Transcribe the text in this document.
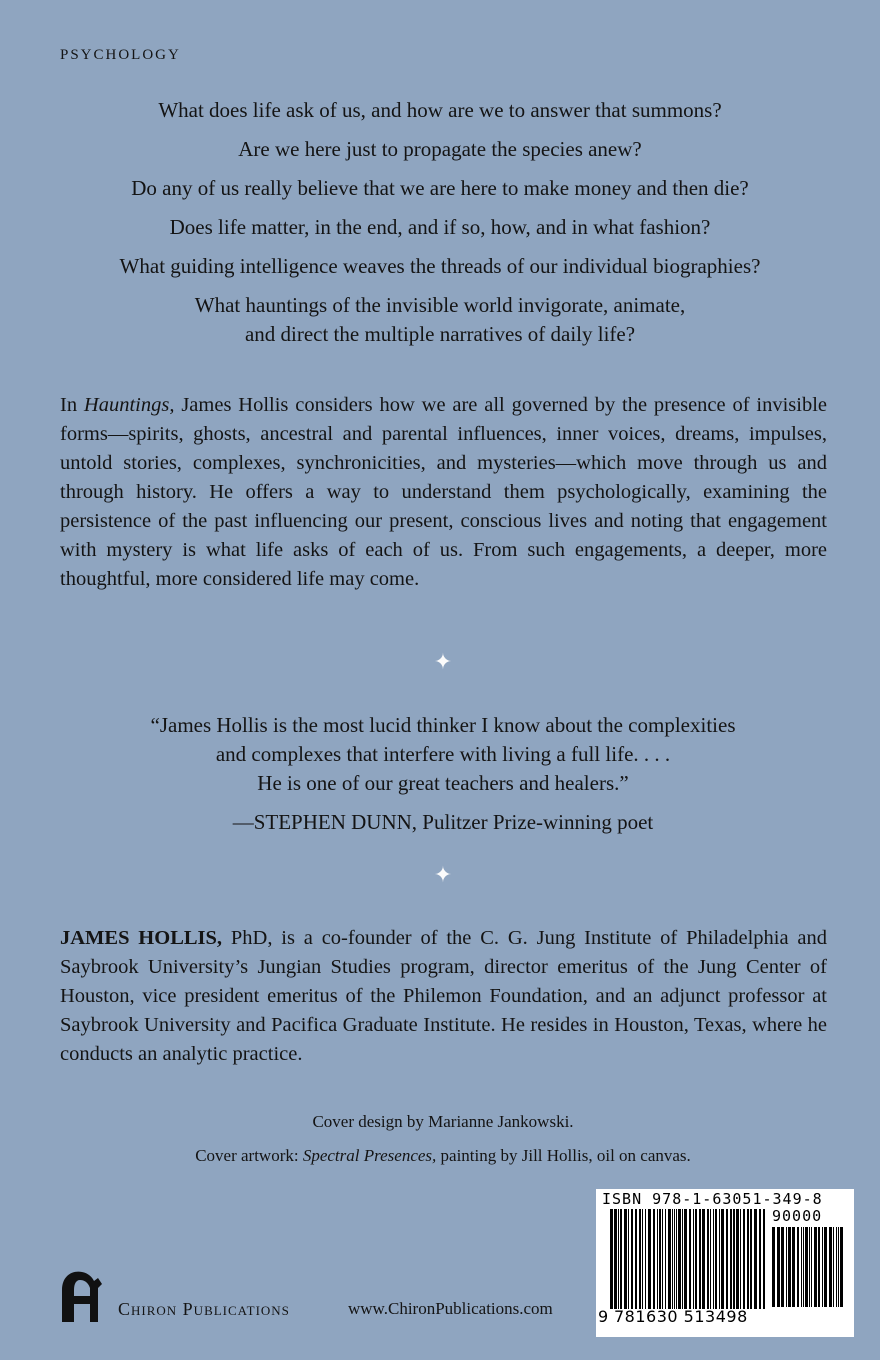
PSYCHOLOGY

What does life ask of us, and how are we to answer that summons?

Are we here just to propagate the species anew?

Do any of us really believe that we are here to make money and then die?

Does life matter, in the end, and if so, how, and in what fashion?

What guiding intelligence weaves the threads of our individual biographies?

What hauntings of the invisible world invigorate, animate,

and direct the multiple narratives of daily life?

In Hauntings, James Hollis considers how we are all governed by the presence of invisible forms—spirits, ghosts, ancestral and parental influences, inner voices, dreams, impulses, untold stories, complexes, synchronicities, and mysteries—which move through us and through history. He offers a way to understand them psychologically, examining the persistence of the past influencing our present, conscious lives and noting that engagement with mystery is what life asks of each of us. From such engagements, a deeper, more thoughtful, more considered life may come.

✦

“James Hollis is the most lucid thinker I know about the complexities

and complexes that interfere with living a full life. . . .

He is one of our great teachers and healers.”

—STEPHEN DUNN, Pulitzer Prize-winning poet

✦

JAMES HOLLIS, PhD, is a co-founder of the C. G. Jung Institute of Philadelphia and Saybrook University’s Jungian Studies program, director emeritus of the Jung Center of Houston, vice president emeritus of the Philemon Foundation, and an adjunct professor at Saybrook University and Pacifica Graduate Institute. He resides in Houston, Texas, where he conducts an analytic practice.

Cover design by Marianne Jankowski.

Cover artwork: Spectral Presences, painting by Jill Hollis, oil on canvas.

Chiron Publications	www.ChironPublications.com
ISBN 978-1-63051-349-8
90000
9 781630 513498
